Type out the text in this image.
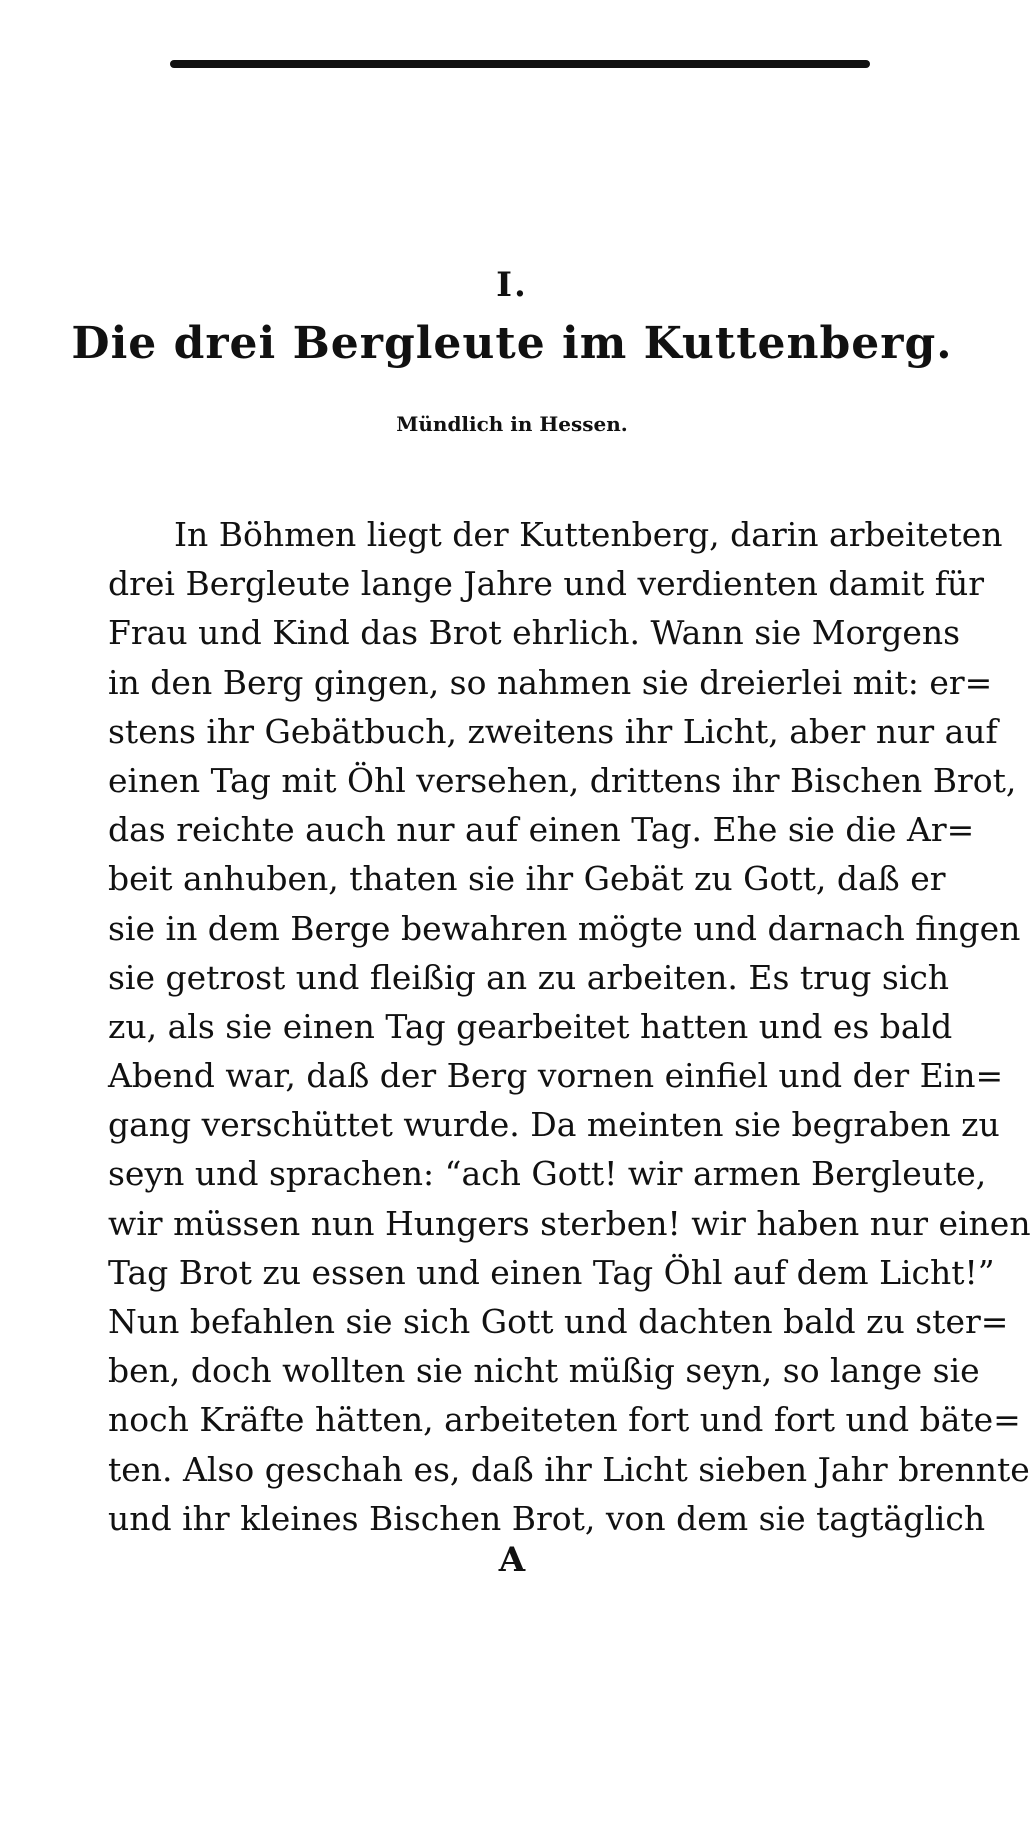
I.
Die drei Bergleute im Kuttenberg.
Mündlich in Hessen.
In Böhmen liegt der Kuttenberg, darin arbeiteten
drei Bergleute lange Jahre und verdienten damit für
Frau und Kind das Brot ehrlich. Wann sie Morgens
in den Berg gingen, so nahmen sie dreierlei mit: er=
stens ihr Gebätbuch, zweitens ihr Licht, aber nur auf
einen Tag mit Öhl versehen, drittens ihr Bischen Brot,
das reichte auch nur auf einen Tag. Ehe sie die Ar=
beit anhuben, thaten sie ihr Gebät zu Gott, daß er
sie in dem Berge bewahren mögte und darnach fingen
sie getrost und fleißig an zu arbeiten. Es trug sich
zu, als sie einen Tag gearbeitet hatten und es bald
Abend war, daß der Berg vornen einfiel und der Ein=
gang verschüttet wurde. Da meinten sie begraben zu
seyn und sprachen: “ach Gott! wir armen Bergleute,
wir müssen nun Hungers sterben! wir haben nur einen
Tag Brot zu essen und einen Tag Öhl auf dem Licht!”
Nun befahlen sie sich Gott und dachten bald zu ster=
ben, doch wollten sie nicht müßig seyn, so lange sie
noch Kräfte hätten, arbeiteten fort und fort und bäte=
ten. Also geschah es, daß ihr Licht sieben Jahr brennte
und ihr kleines Bischen Brot, von dem sie tagtäglich
A
